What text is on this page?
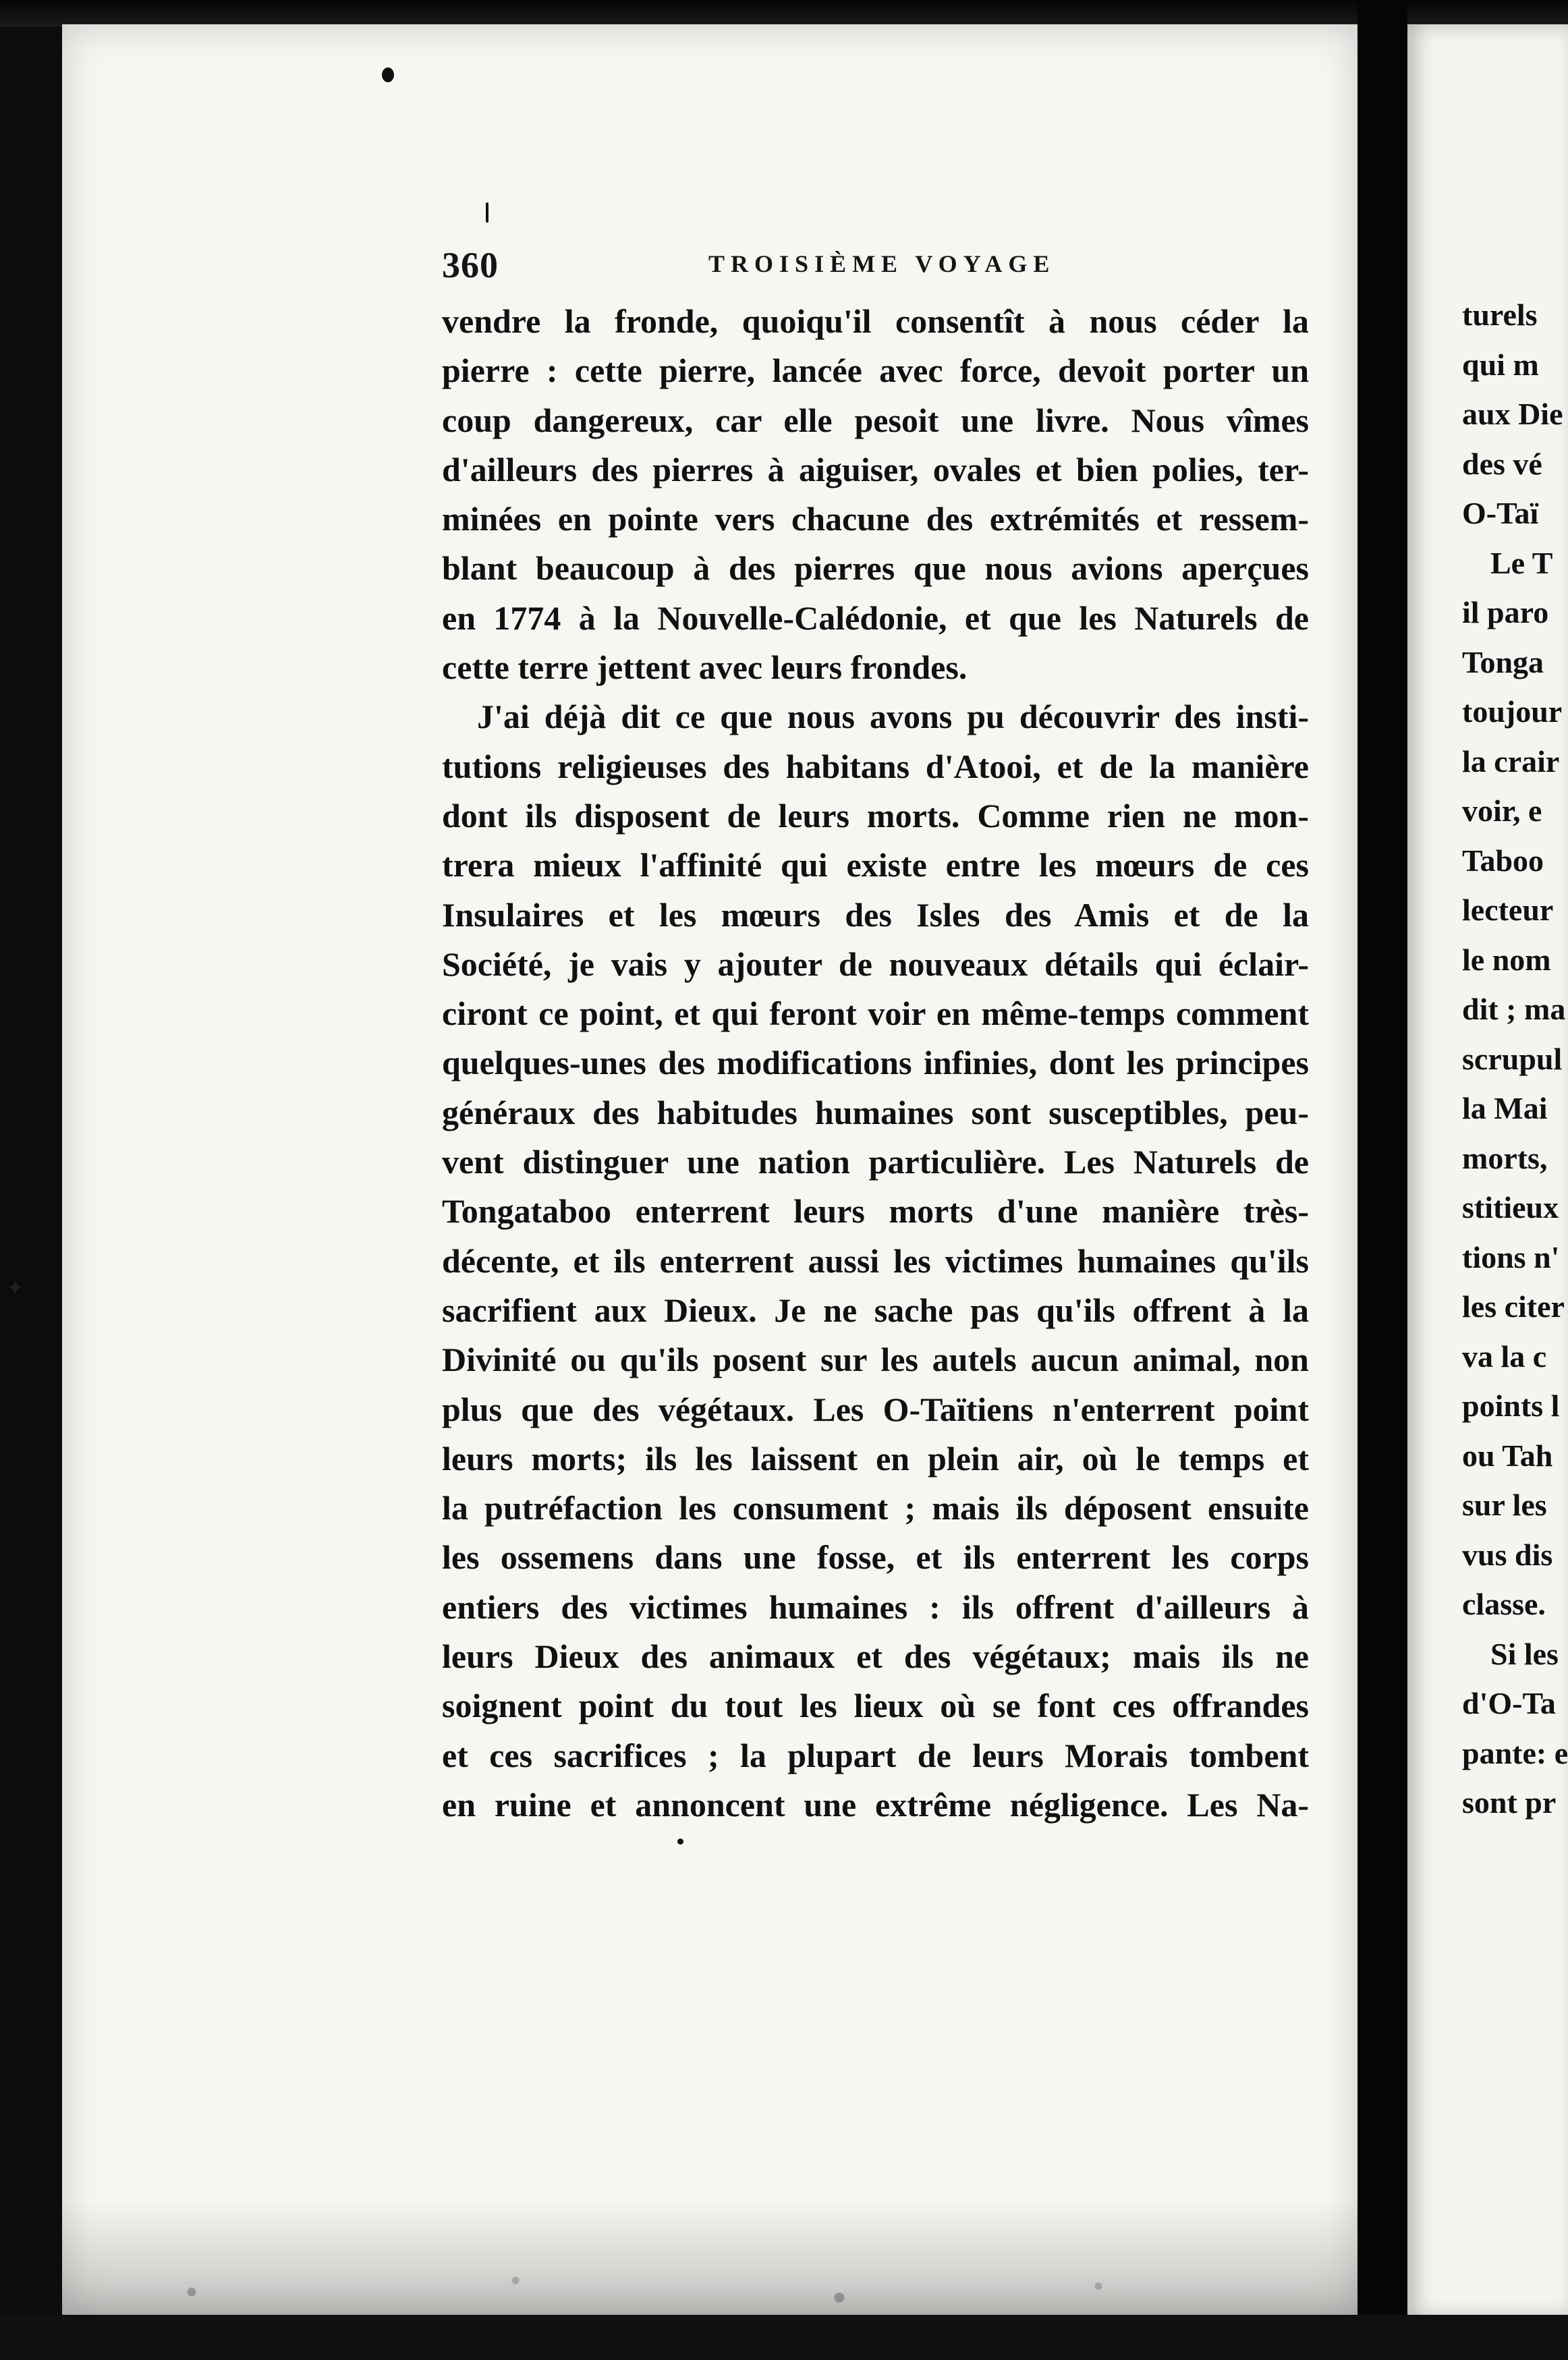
✦
360	TROISIÈME VOYAGE
vendre la fronde, quoiqu'il consentît à nous céder la
pierre : cette pierre, lancée avec force, devoit porter un
coup dangereux, car elle pesoit une livre. Nous vîmes
d'ailleurs des pierres à aiguiser, ovales et bien polies, ter-
minées en pointe vers chacune des extrémités et ressem-
blant beaucoup à des pierres que nous avions aperçues
en 1774 à la Nouvelle-Calédonie, et que les Naturels de
cette terre jettent avec leurs frondes.
J'ai déjà dit ce que nous avons pu découvrir des insti-
tutions religieuses des habitans d'Atooi, et de la manière
dont ils disposent de leurs morts. Comme rien ne mon-
trera mieux l'affinité qui existe entre les mœurs de ces
Insulaires et les mœurs des Isles des Amis et de la
Société, je vais y ajouter de nouveaux détails qui éclair-
ciront ce point, et qui feront voir en même-temps comment
quelques-unes des modifications infinies, dont les principes
généraux des habitudes humaines sont susceptibles, peu-
vent distinguer une nation particulière. Les Naturels de
Tongataboo enterrent leurs morts d'une manière très-
décente, et ils enterrent aussi les victimes humaines qu'ils
sacrifient aux Dieux. Je ne sache pas qu'ils offrent à la
Divinité ou qu'ils posent sur les autels aucun animal, non
plus que des végétaux. Les O-Taïtiens n'enterrent point
leurs morts; ils les laissent en plein air, où le temps et
la putréfaction les consument ; mais ils déposent ensuite
les ossemens dans une fosse, et ils enterrent les corps
entiers des victimes humaines : ils offrent d'ailleurs à
leurs Dieux des animaux et des végétaux; mais ils ne
soignent point du tout les lieux où se font ces offrandes
et ces sacrifices ; la plupart de leurs Morais tombent
en ruine et annoncent une extrême négligence. Les Na-
turels
qui m
aux Die
des vé
O-Taï
Le T
il paro
Tonga
toujour
la crair
voir, e
Taboo
lecteur
le nom
dit ; ma
scrupul
la Mai
morts,
stitieux
tions n'
les citer
va la c
points l
ou Tah
sur les
vus dis
classe.
Si les
d'O-Ta
pante: e
sont pr
